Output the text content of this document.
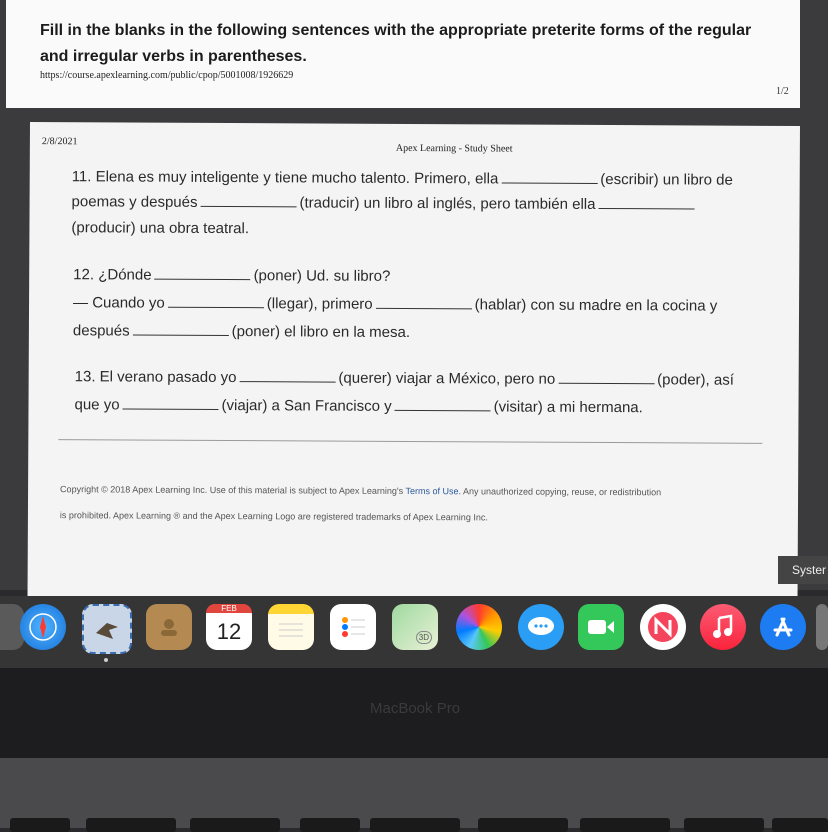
Fill in the blanks in the following sentences with the appropriate preterite forms of the regular and irregular verbs in parentheses.
https://course.apexlearning.com/public/cpop/5001008/1926629
1/2
2/8/2021
Apex Learning - Study Sheet
11. Elena es muy inteligente y tiene mucho talento. Primero, ella	(escribir) un libro de
poemas y después	(traducir) un libro al inglés, pero también ella
(producir) una obra teatral.
12. ¿Dónde	(poner) Ud. su libro?
— Cuando yo	(llegar), primero	(hablar) con su madre en la cocina y
después	(poner) el libro en la mesa.
13. El verano pasado yo	(querer) viajar a México, pero no	(poder), así
que yo	(viajar) a San Francisco y	(visitar) a mi hermana.
Copyright © 2018 Apex Learning Inc. Use of this material is subject to Apex Learning's Terms of Use. Any unauthorized copying, reuse, or redistribution
is prohibited. Apex Learning ® and the Apex Learning Logo are registered trademarks of Apex Learning Inc.
Syster
FEB
12	3D
MacBook Pro
